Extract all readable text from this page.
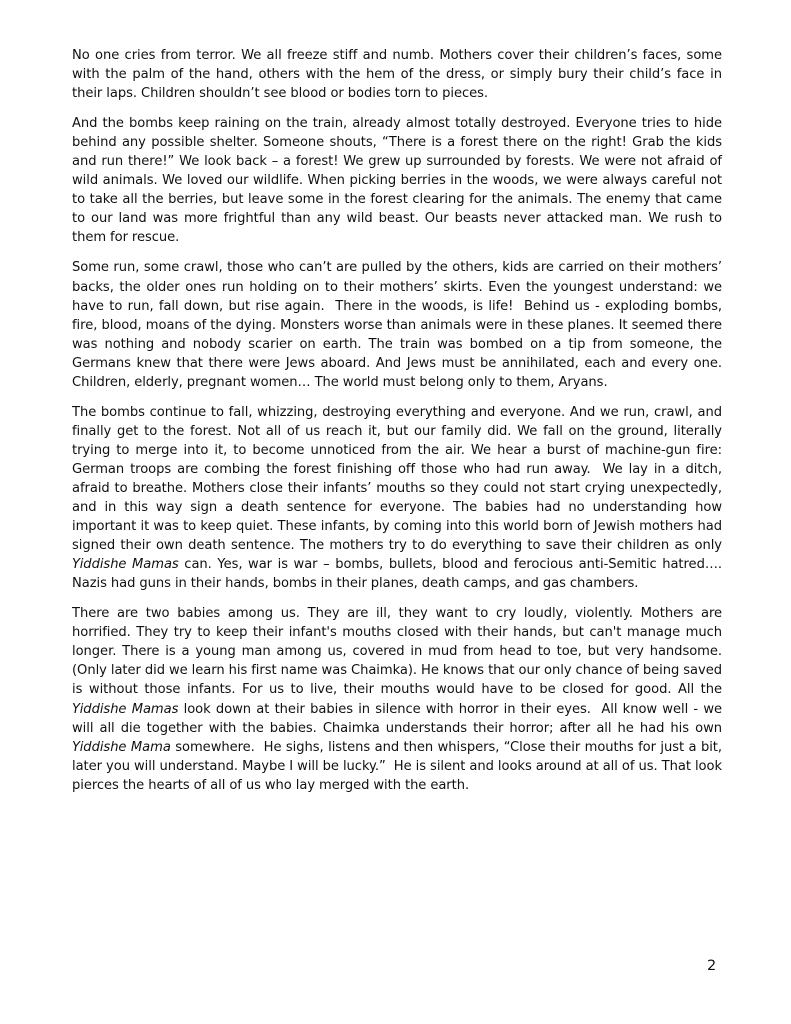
No one cries from terror. We all freeze stiff and numb. Mothers cover their children’s faces, some with the palm of the hand, others with the hem of the dress, or simply bury their child’s face in their laps. Children shouldn’t see blood or bodies torn to pieces.

And the bombs keep raining on the train, already almost totally destroyed. Everyone tries to hide behind any possible shelter. Someone shouts, “There is a forest there on the right! Grab the kids and run there!” We look back – a forest! We grew up surrounded by forests. We were not afraid of wild animals. We loved our wildlife. When picking berries in the woods, we were always careful not to take all the berries, but leave some in the forest clearing for the animals. The enemy that came to our land was more frightful than any wild beast. Our beasts never attacked man. We rush to them for rescue.

Some run, some crawl, those who can’t are pulled by the others, kids are carried on their mothers’ backs, the older ones run holding on to their mothers’ skirts. Even the youngest understand: we have to run, fall down, but rise again.  There in the woods, is life!  Behind us - exploding bombs, fire, blood, moans of the dying. Monsters worse than animals were in these planes. It seemed there was nothing and nobody scarier on earth. The train was bombed on a tip from someone, the Germans knew that there were Jews aboard. And Jews must be annihilated, each and every one. Children, elderly, pregnant women… The world must belong only to them, Aryans.

The bombs continue to fall, whizzing, destroying everything and everyone. And we run, crawl, and finally get to the forest. Not all of us reach it, but our family did. We fall on the ground, literally trying to merge into it, to become unnoticed from the air. We hear a burst of machine-gun fire: German troops are combing the forest finishing off those who had run away.  We lay in a ditch, afraid to breathe. Mothers close their infants’ mouths so they could not start crying unexpectedly, and in this way sign a death sentence for everyone. The babies had no understanding how important it was to keep quiet. These infants, by coming into this world born of Jewish mothers had signed their own death sentence. The mothers try to do everything to save their children as only Yiddishe Mamas can. Yes, war is war – bombs, bullets, blood and ferocious anti-Semitic hatred…. Nazis had guns in their hands, bombs in their planes, death camps, and gas chambers.

There are two babies among us. They are ill, they want to cry loudly, violently. Mothers are horrified. They try to keep their infant's mouths closed with their hands, but can't manage much longer. There is a young man among us, covered in mud from head to toe, but very handsome. (Only later did we learn his first name was Chaimka). He knows that our only chance of being saved is without those infants. For us to live, their mouths would have to be closed for good. All the Yiddishe Mamas look down at their babies in silence with horror in their eyes.  All know well - we will all die together with the babies. Chaimka understands their horror; after all he had his own Yiddishe Mama somewhere.  He sighs, listens and then whispers, “Close their mouths for just a bit, later you will understand. Maybe I will be lucky.”  He is silent and looks around at all of us. That look pierces the hearts of all of us who lay merged with the earth.

2
